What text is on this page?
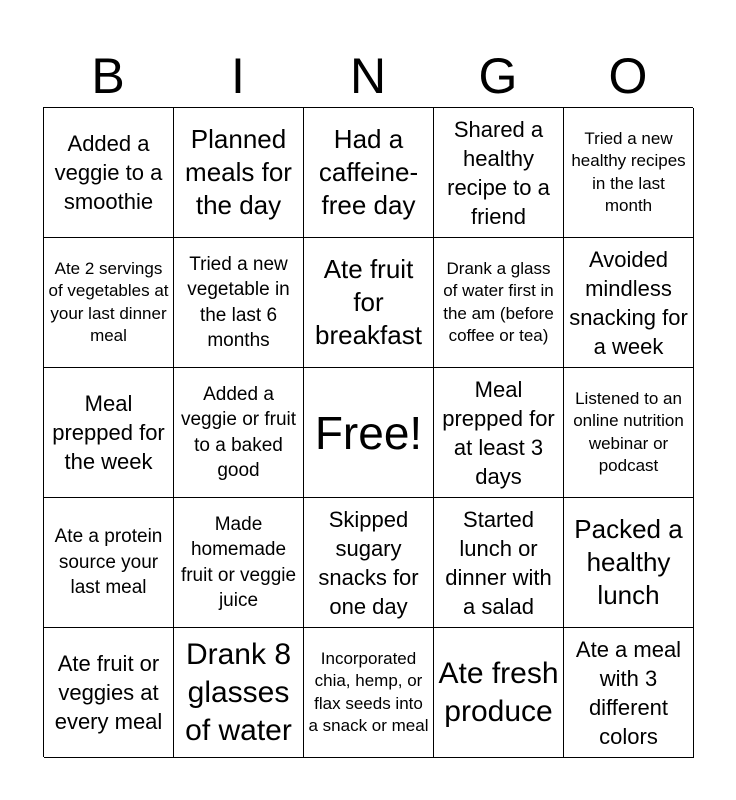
B	I	N	G	O
Added a veggie to a smoothie
Planned meals for the day
Had a caffeine-free day
Shared a healthy recipe to a friend
Tried a new healthy recipes in the last month
Ate 2 servings of vegetables at your last dinner meal
Tried a new vegetable in the last 6 months
Ate fruit for breakfast
Drank a glass of water first in the am (before coffee or tea)
Avoided mindless snacking for a week
Meal prepped for the week
Added a veggie or fruit to a baked good
Free!
Meal prepped for at least 3 days
Listened to an online nutrition webinar or podcast
Ate a protein source your last meal
Made homemade fruit or veggie juice
Skipped sugary snacks for one day
Started lunch or dinner with a salad
Packed a healthy lunch
Ate fruit or veggies at every meal
Drank 8 glasses of water
Incorporated chia, hemp, or flax seeds into a snack or meal
Ate fresh produce
Ate a meal with 3 different colors
